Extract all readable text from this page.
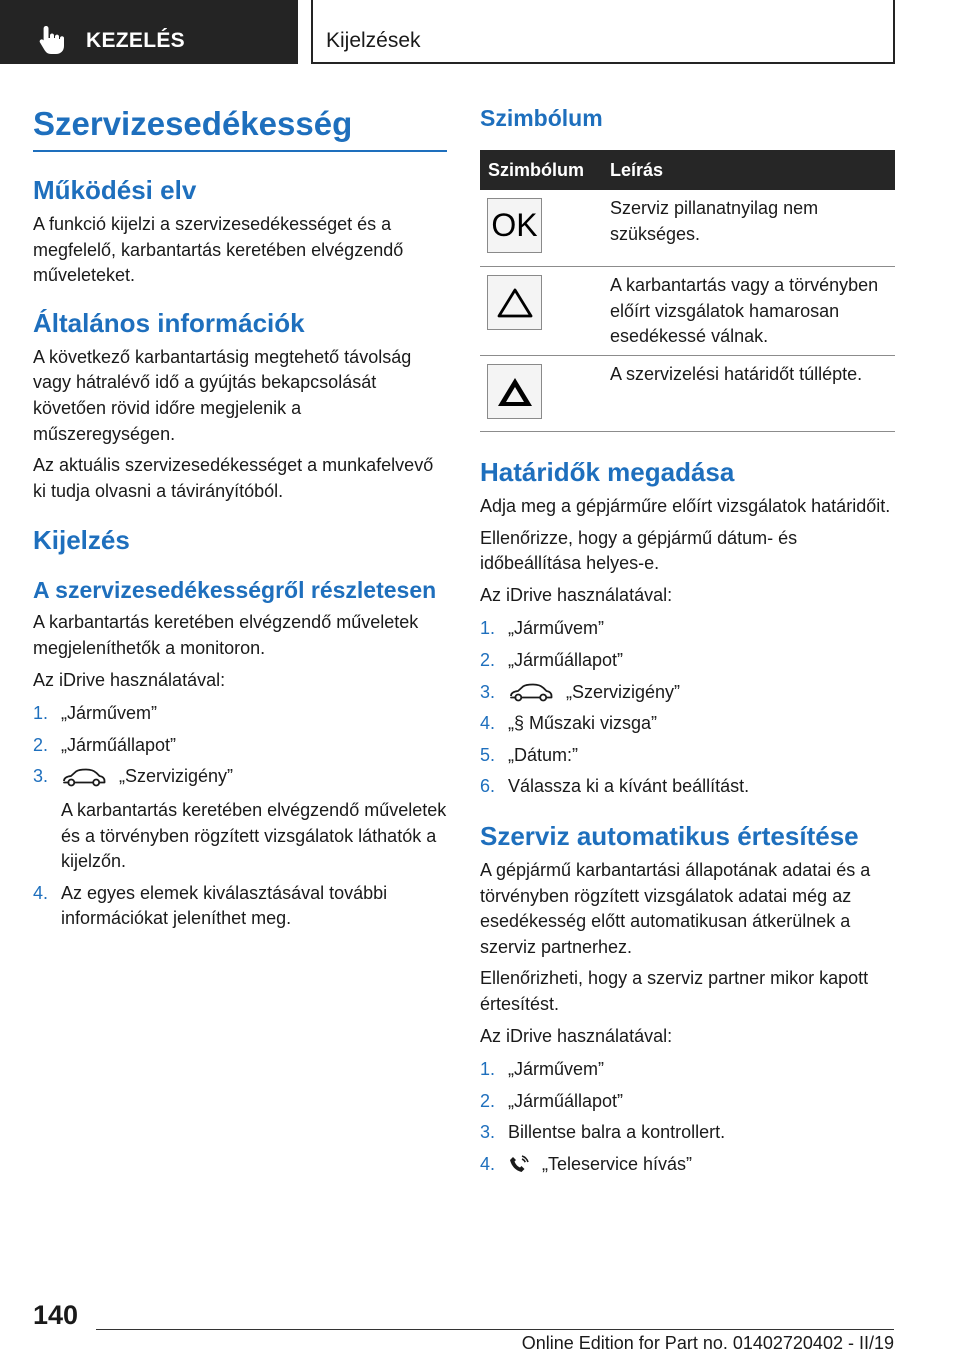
KEZELÉS	Kijelzések
Szervizesedékesség
Működési elv
A funkció kijelzi a szervizesedékességet és a megfelelő, karbantartás keretében elvégzendő műveleteket.
Általános információk
A következő karbantartásig megtehető távolság vagy hátralévő idő a gyújtás bekapcsolását követően rövid időre megjelenik a műszeregységen.
Az aktuális szervizesedékességet a munkafelvevő ki tudja olvasni a távirányítóból.
Kijelzés
A szervizesedékességről részletesen
A karbantartás keretében elvégzendő műveletek megjeleníthetők a monitoron.
Az iDrive használatával:
1. „Járművem”
2. „Járműállapot”
3.	„Szervizigény”
A karbantartás keretében elvégzendő műveletek és a törvényben rögzített vizsgálatok láthatók a kijelzőn.
4. Az egyes elemek kiválasztásával további információkat jeleníthet meg.
Szimbólum
Szimbólum	Leírás
OK	Szerviz pillanatnyilag nem szükséges.
A karbantartás vagy a törvényben előírt vizsgálatok hamarosan esedékessé válnak.
A szervizelési határidőt túllépte.
Határidők megadása
Adja meg a gépjárműre előírt vizsgálatok határidőit.
Ellenőrizze, hogy a gépjármű dátum- és időbeállítása helyes-e.
Az iDrive használatával:
1. „Járművem”
2. „Járműállapot”
3.	„Szervizigény”
4. „§ Műszaki vizsga”
5. „Dátum:”
6. Válassza ki a kívánt beállítást.
Szerviz automatikus értesítése
A gépjármű karbantartási állapotának adatai és a törvényben rögzített vizsgálatok adatai még az esedékesség előtt automatikusan átkerülnek a szerviz partnerhez.
Ellenőrizheti, hogy a szerviz partner mikor kapott értesítést.
Az iDrive használatával:
1. „Járművem”
2. „Járműállapot”
3. Billentse balra a kontrollert.
4.	„Teleservice hívás”
140
Online Edition for Part no. 01402720402 - II/19
